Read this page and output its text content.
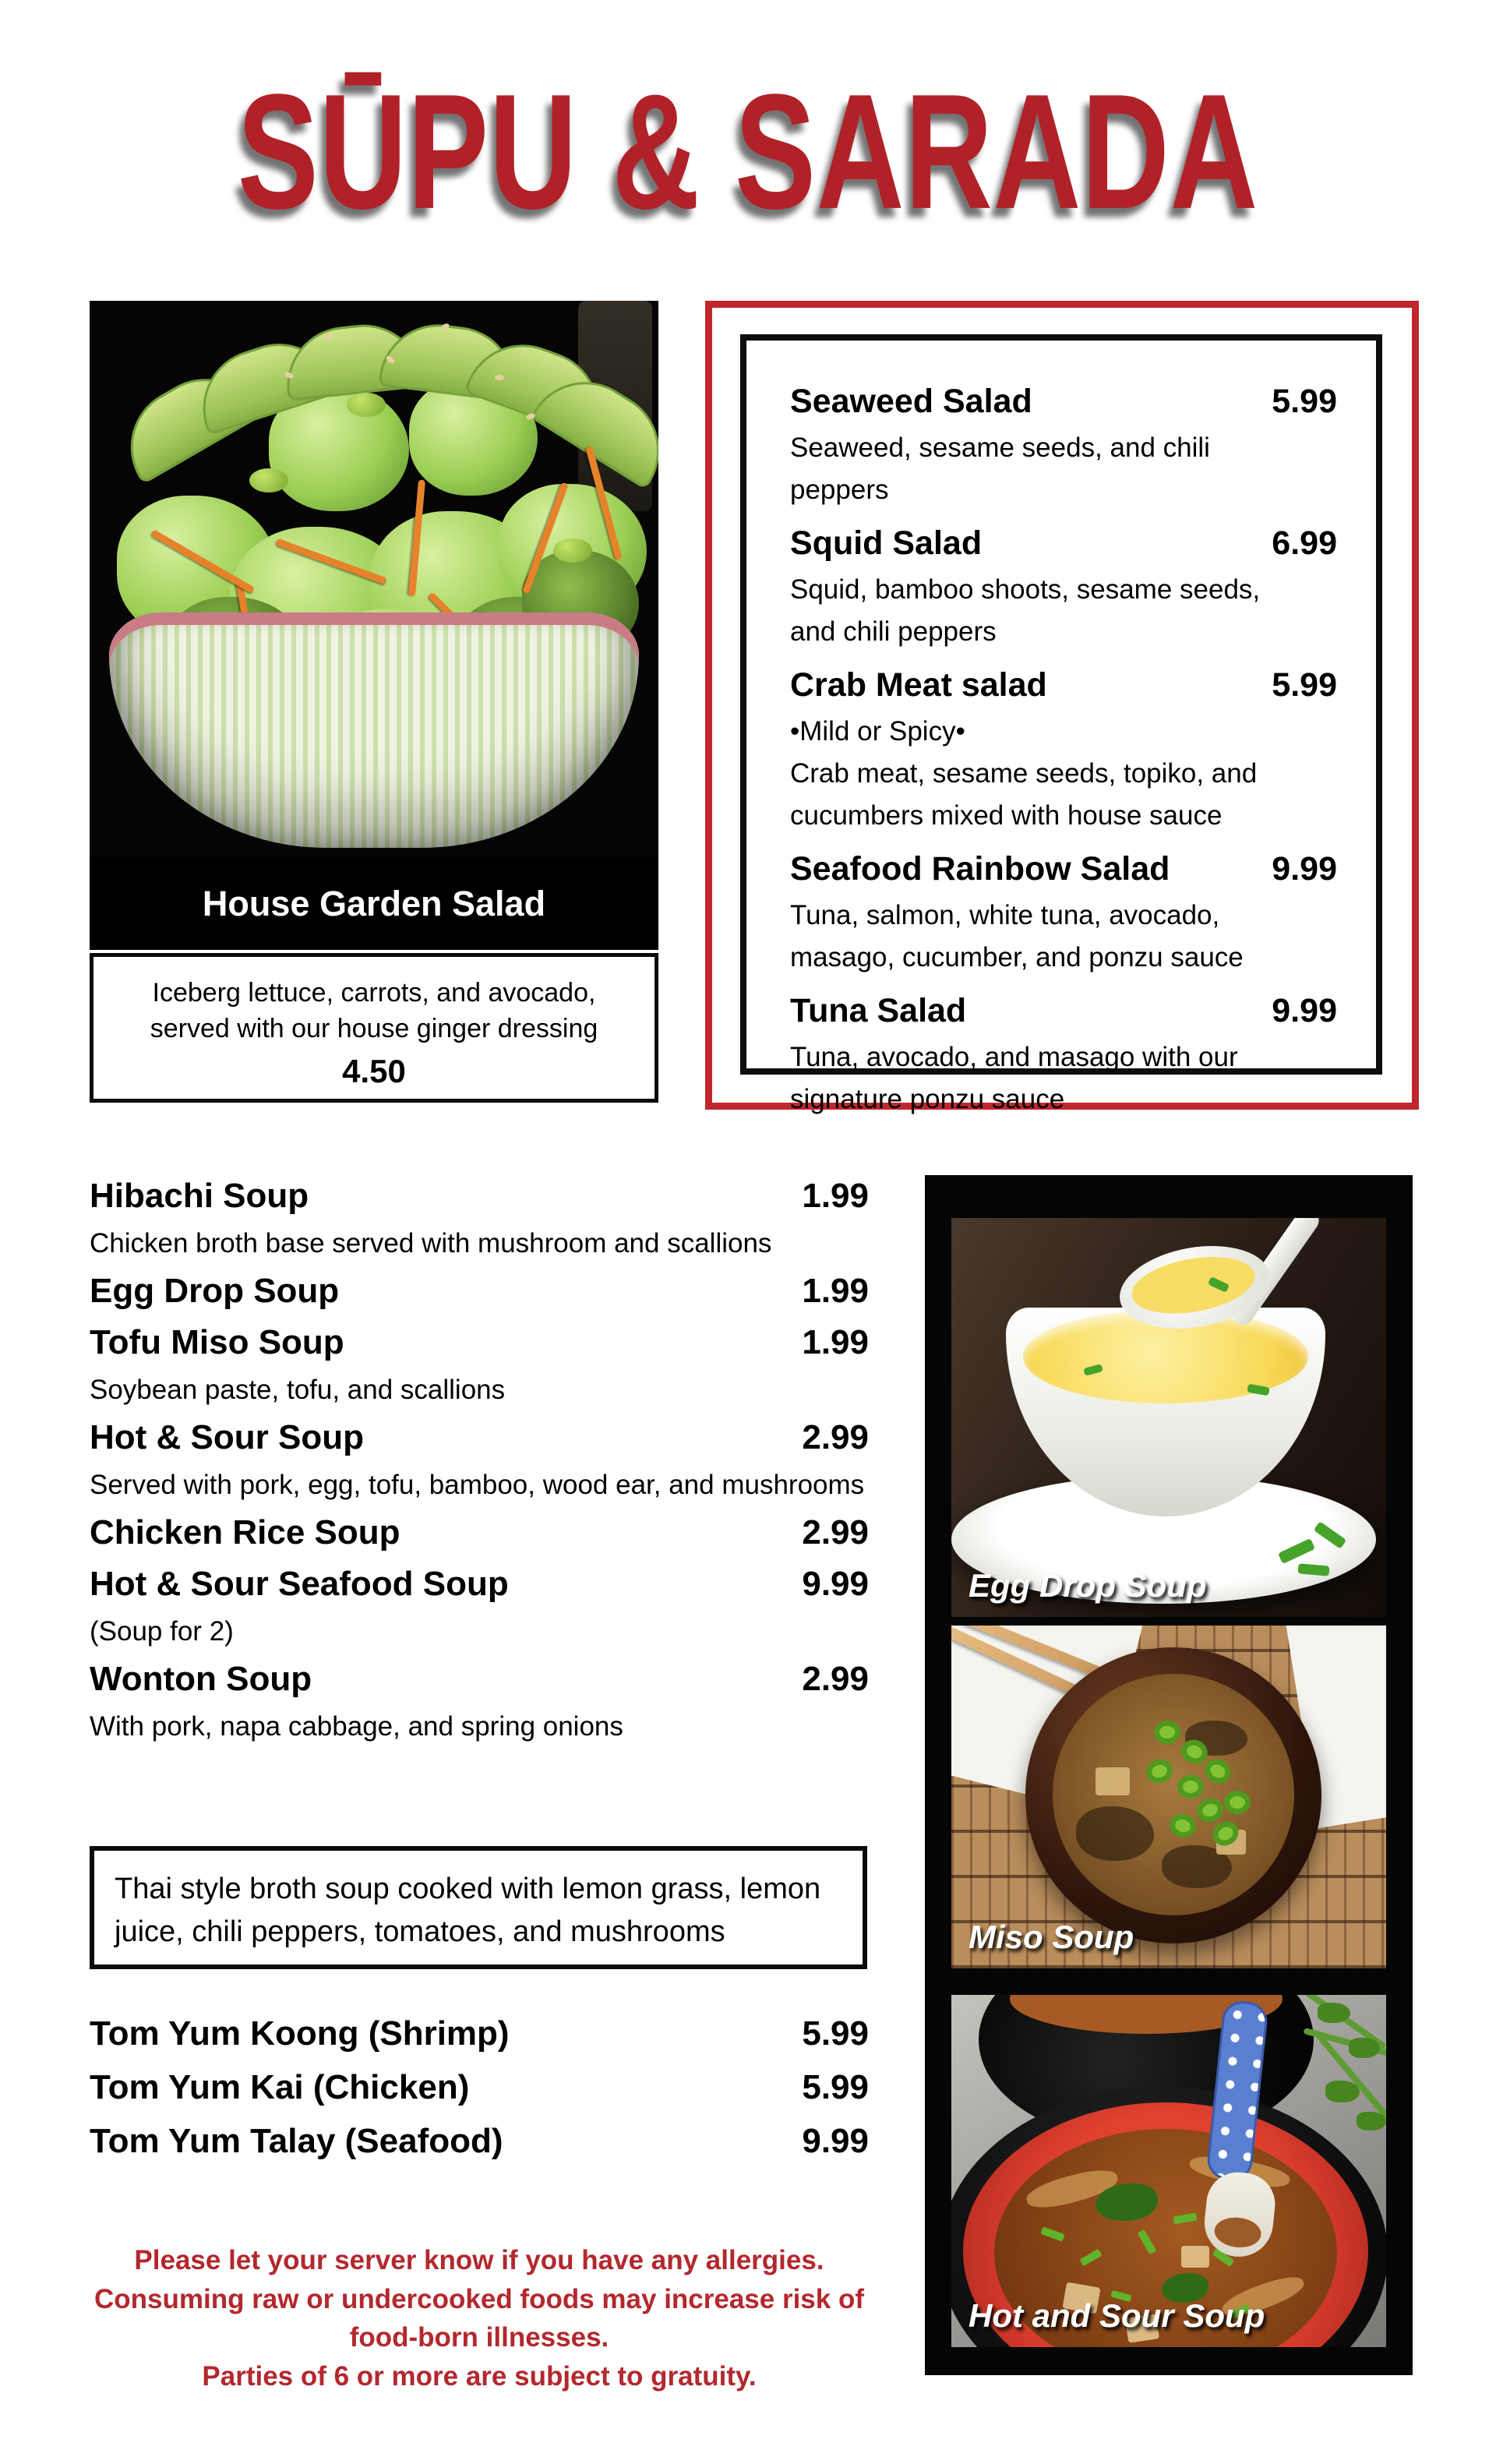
SŪPU & SARADA
House Garden Salad
Iceberg lettuce, carrots, and avocado,
served with our house ginger dressing
4.50
Seaweed Salad	5.99
Seaweed, sesame seeds, and chili peppers
Squid Salad	6.99
Squid, bamboo shoots, sesame seeds, and chili peppers
Crab Meat salad	5.99
•Mild or Spicy•
Crab meat, sesame seeds, topiko, and cucumbers mixed with house sauce
Seafood Rainbow Salad	9.99
Tuna, salmon, white tuna, avocado, masago, cucumber, and ponzu sauce
Tuna Salad	9.99
Tuna, avocado, and masago with our signature ponzu sauce
Hibachi Soup	1.99
Chicken broth base served with mushroom and scallions
Egg Drop Soup	1.99
Tofu Miso Soup	1.99
Soybean paste, tofu, and scallions
Hot & Sour Soup	2.99
Served with pork, egg, tofu, bamboo, wood ear, and mushrooms
Chicken Rice Soup	2.99
Hot & Sour Seafood Soup	9.99
(Soup for 2)
Wonton Soup	2.99
With pork, napa cabbage, and spring onions
Thai style broth soup cooked with lemon grass, lemon juice, chili peppers, tomatoes, and mushrooms
Tom Yum Koong (Shrimp)	5.99
Tom Yum Kai (Chicken)	5.99
Tom Yum Talay (Seafood)	9.99
Please let your server know if you have any allergies.
Consuming raw or undercooked foods may increase risk of
food-born illnesses.
Parties of 6 or more are subject to gratuity.
Egg Drop Soup
Miso Soup
Hot and Sour Soup
